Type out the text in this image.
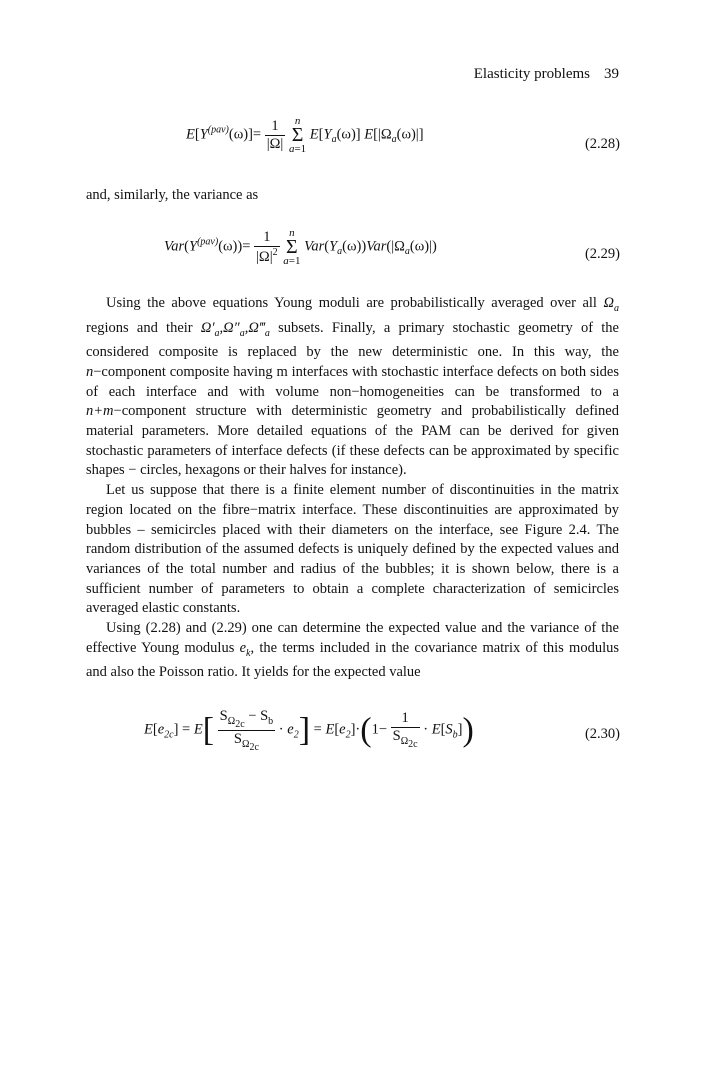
Elasticity problems 39
$E[Y^{(pav)}(\omega)]= \frac{1}{|\Omega|}$ n
Σ
a=1 $E[Y_a(\omega)]$ $E[|\Omega_a(\omega)|]$
(2.28)

and, similarly, the variance as

$Var(Y^{(pav)}(\omega))= \frac{1}{|\Omega|^2}$ n
Σ
a=1 $Var(Y_a(\omega))Var(|\Omega_a(\omega)|)$	(2.29)

Using the above equations Young moduli are probabilistically averaged over all $\Omega_a$ regions and their $\Omega'_a,\Omega''_a,\Omega‴_a$ subsets. Finally, a primary stochastic geometry of the considered composite is replaced by the new deterministic one. In this way, the n−component composite having m interfaces with stochastic interface defects on both sides of each interface and with volume non−homogeneities can be transformed to a n+m−component structure with deterministic geometry and probabilistically defined material parameters. More detailed equations of the PAM can be derived for given stochastic parameters of interface defects (if these defects can be approximated by specific shapes − circles, hexagons or their halves for instance).

Let us suppose that there is a finite element number of discontinuities in the matrix region located on the fibre−matrix interface. These discontinuities are approximated by bubbles – semicircles placed with their diameters on the interface, see Figure 2.4. The random distribution of the assumed defects is uniquely defined by the expected values and variances of the total number and radius of the bubbles; it is shown below, there is a sufficient number of parameters to obtain a complete characterization of semicircles averaged elastic constants.

Using (2.28) and (2.29) one can determine the expected value and the variance of the effective Young modulus $e_k$, the terms included in the covariance matrix of this modulus and also the Poisson ratio. It yields for the expected value

$E[e_{2c}] = E[ \frac{S_{\Omega_{2c}} - S_b}{S_{\Omega_{2c}}} \cdot e_2] = E[e_2]\cdot(1- \frac{1}{S_{\Omega_{2c}}} \cdot E[S_b])$	(2.30)
